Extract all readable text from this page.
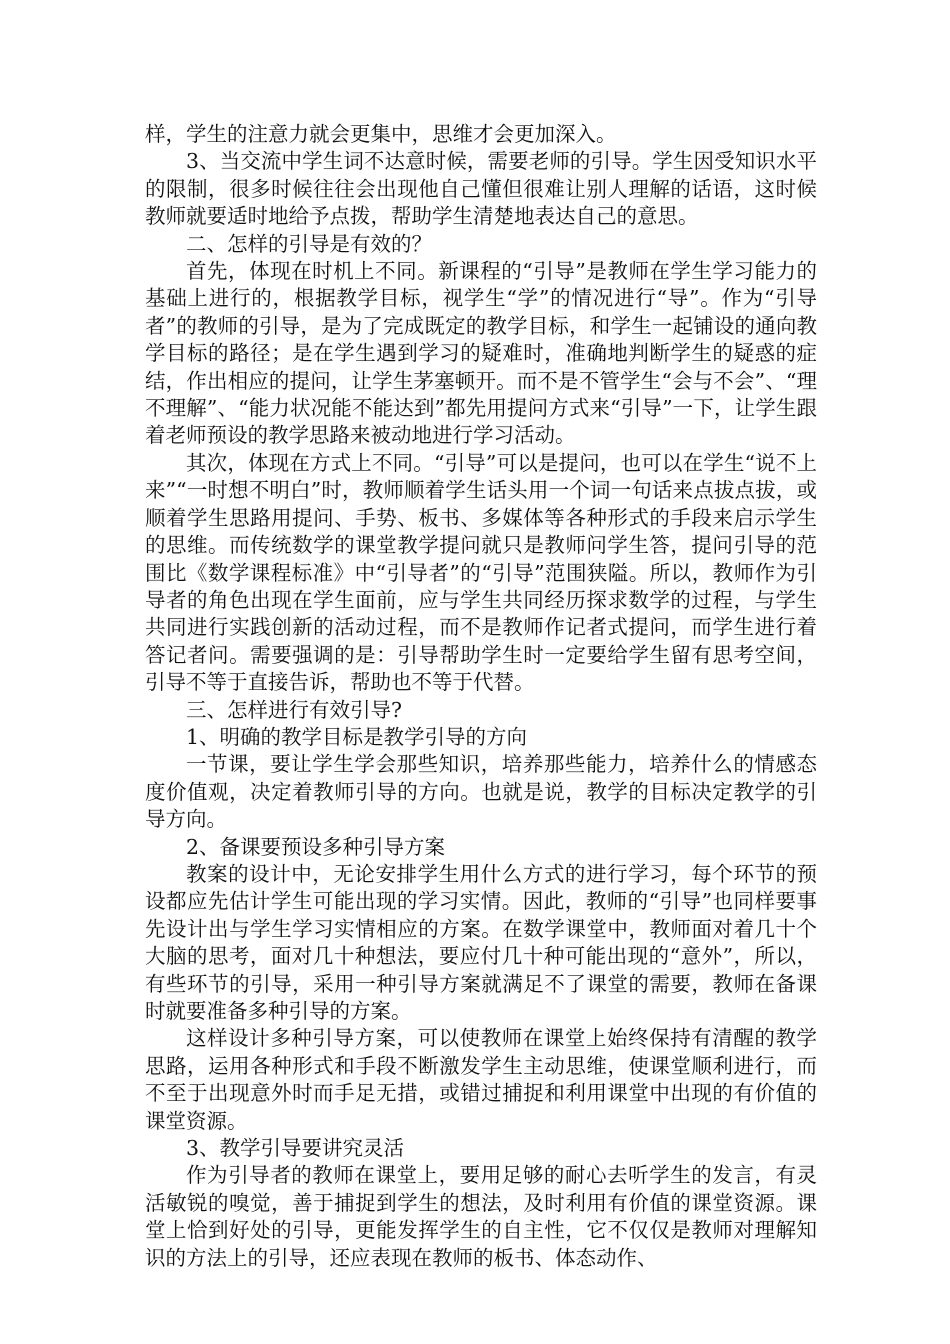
样，学生的注意力就会更集中，思维才会更加深入。

3、当交流中学生词不达意时候，需要老师的引导。学生因受知识水平的限制，很多时候往往会出现他自己懂但很难让别人理解的话语，这时候教师就要适时地给予点拨，帮助学生清楚地表达自己的意思。

二、怎样的引导是有效的？

首先，体现在时机上不同。新课程的“引导”是教师在学生学习能力的基础上进行的，根据教学目标，视学生“学”的情况进行“导”。作为“引导者”的教师的引导，是为了完成既定的教学目标，和学生一起铺设的通向教学目标的路径；是在学生遇到学习的疑难时，准确地判断学生的疑惑的症结，作出相应的提问，让学生茅塞顿开。而不是不管学生“会与不会”、“理不理解”、“能力状况能不能达到”都先用提问方式来“引导”一下，让学生跟着老师预设的教学思路来被动地进行学习活动。

其次，体现在方式上不同。“引导”可以是提问，也可以在学生“说不上来”“一时想不明白”时，教师顺着学生话头用一个词一句话来点拔点拔，或顺着学生思路用提问、手势、板书、多媒体等各种形式的手段来启示学生的思维。而传统数学的课堂教学提问就只是教师问学生答，提问引导的范围比《数学课程标准》中“引导者”的“引导”范围狭隘。所以，教师作为引导者的角色出现在学生面前，应与学生共同经历探求数学的过程，与学生共同进行实践创新的活动过程，而不是教师作记者式提问，而学生进行着答记者问。需要强调的是：引导帮助学生时一定要给学生留有思考空间，引导不等于直接告诉，帮助也不等于代替。

三、怎样进行有效引导?

1、明确的教学目标是教学引导的方向

一节课，要让学生学会那些知识，培养那些能力，培养什么的情感态度价值观，决定着教师引导的方向。也就是说，教学的目标决定教学的引导方向。

2、备课要预设多种引导方案

教案的设计中，无论安排学生用什么方式的进行学习，每个环节的预设都应先估计学生可能出现的学习实情。因此，教师的“引导”也同样要事先设计出与学生学习实情相应的方案。在数学课堂中，教师面对着几十个大脑的思考，面对几十种想法，要应付几十种可能出现的“意外”，所以，有些环节的引导，采用一种引导方案就满足不了课堂的需要，教师在备课时就要准备多种引导的方案。

这样设计多种引导方案，可以使教师在课堂上始终保持有清醒的教学思路，运用各种形式和手段不断激发学生主动思维，使课堂顺利进行，而不至于出现意外时而手足无措，或错过捕捉和利用课堂中出现的有价值的课堂资源。

3、教学引导要讲究灵活

作为引导者的教师在课堂上，要用足够的耐心去听学生的发言，有灵活敏锐的嗅觉，善于捕捉到学生的想法，及时利用有价值的课堂资源。课堂上恰到好处的引导，更能发挥学生的自主性，它不仅仅是教师对理解知识的方法上的引导，还应表现在教师的板书、体态动作、
